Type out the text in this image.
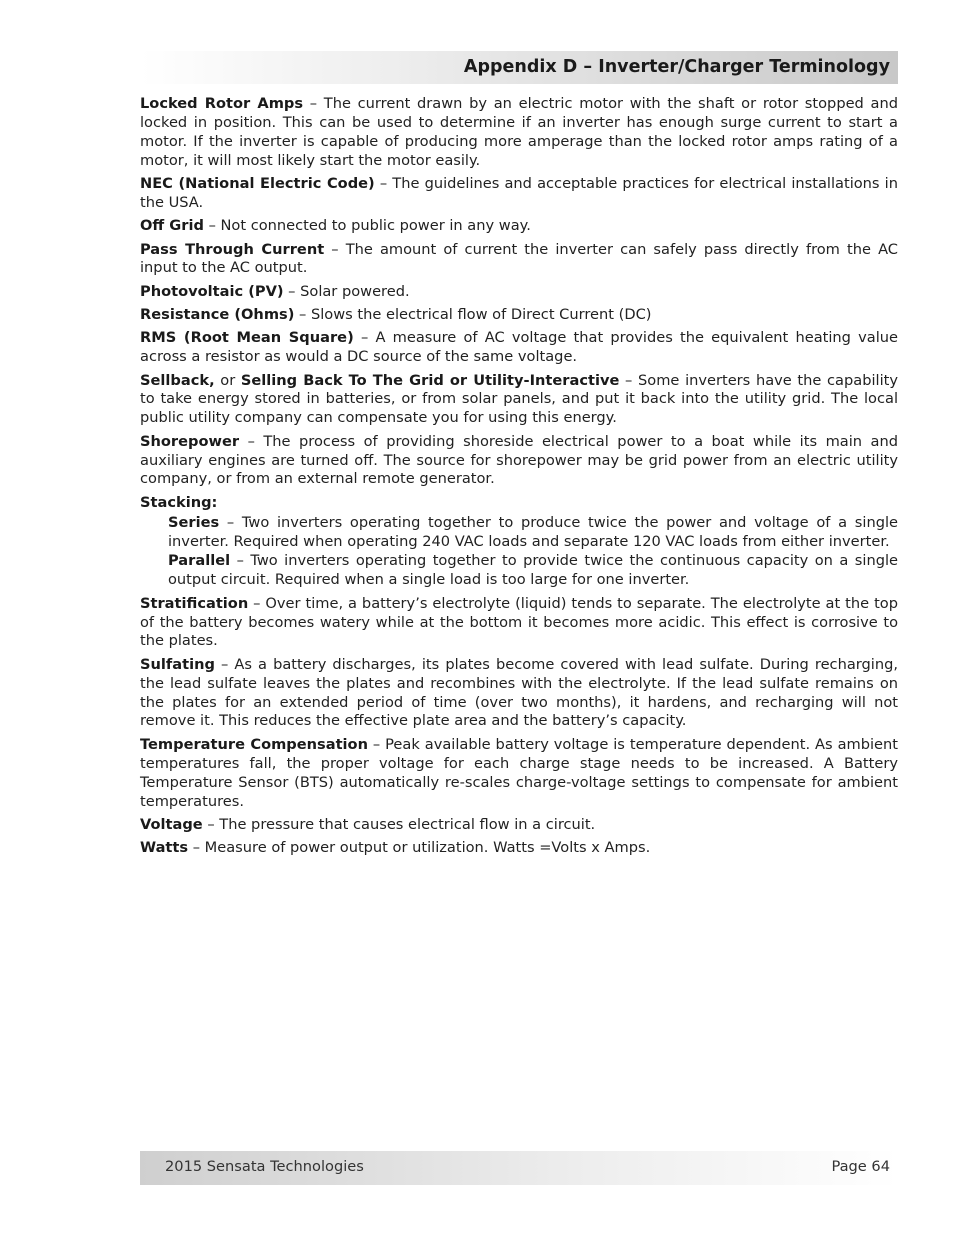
Appendix D – Inverter/Charger Terminology

Locked Rotor Amps – The current drawn by an electric motor with the shaft or rotor stopped and locked in position. This can be used to determine if an inverter has enough surge current to start a motor. If the inverter is capable of producing more amperage than the locked rotor amps rating of a motor, it will most likely start the motor easily.

NEC (National Electric Code) – The guidelines and acceptable practices for electrical installations in the USA.

Off Grid – Not connected to public power in any way.

Pass Through Current – The amount of current the inverter can safely pass directly from the AC input to the AC output.

Photovoltaic (PV) – Solar powered.

Resistance (Ohms) – Slows the electrical flow of Direct Current (DC)

RMS (Root Mean Square) – A measure of AC voltage that provides the equivalent heating value across a resistor as would a DC source of the same voltage.

Sellback, or Selling Back To The Grid or Utility-Interactive – Some inverters have the capability to take energy stored in batteries, or from solar panels, and put it back into the utility grid. The local public utility company can compensate you for using this energy.

Shorepower – The process of providing shoreside electrical power to a boat while its main and auxiliary engines are turned off. The source for shorepower may be grid power from an electric utility company, or from an external remote generator.

Stacking:

Series – Two inverters operating together to produce twice the power and voltage of a single inverter. Required when operating 240 VAC loads and separate 120 VAC loads from either inverter.

Parallel – Two inverters operating together to provide twice the continuous capacity on a single output circuit. Required when a single load is too large for one inverter.

Stratification – Over time, a battery’s electrolyte (liquid) tends to separate. The electrolyte at the top of the battery becomes watery while at the bottom it becomes more acidic. This effect is corrosive to the plates.

Sulfating – As a battery discharges, its plates become covered with lead sulfate. During recharging, the lead sulfate leaves the plates and recombines with the electrolyte. If the lead sulfate remains on the plates for an extended period of time (over two months), it hardens, and recharging will not remove it. This reduces the effective plate area and the battery’s capacity.

Temperature Compensation – Peak available battery voltage is temperature dependent. As ambient temperatures fall, the proper voltage for each charge stage needs to be increased. A Battery Temperature Sensor (BTS) automatically re-scales charge-voltage settings to compensate for ambient temperatures.

Voltage – The pressure that causes electrical flow in a circuit.

Watts – Measure of power output or utilization. Watts =Volts x Amps.

2015 Sensata Technologies	Page 64
